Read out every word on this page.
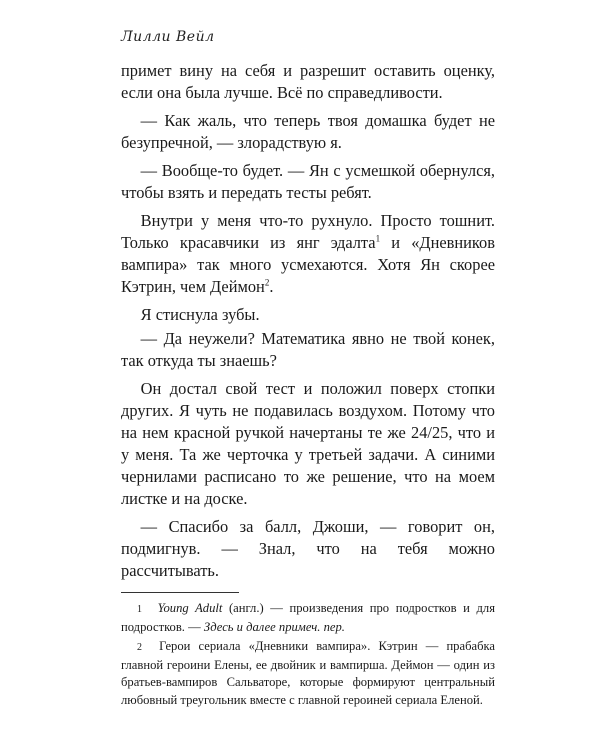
Лилли Вейл

примет вину на себя и разрешит оставить оценку, если она была лучше. Всё по справедливости.

— Как жаль, что теперь твоя домашка будет не безупречной, — злорадствую я.

— Вообще-то будет. — Ян с усмешкой обернулся, чтобы взять и передать тесты ребят.

Внутри у меня что-то рухнуло. Просто тошнит. Только красавчики из янг эдалта$^1$ и «Дневников вампира» так много усмехаются. Хотя Ян скорее Кэтрин, чем Деймон$^2$.

Я стиснула зубы.

— Да неужели? Математика явно не твой конек, так откуда ты знаешь?

Он достал свой тест и положил поверх стопки других. Я чуть не подавилась воздухом. Потому что на нем красной ручкой начертаны те же 24/25, что и у меня. Та же черточка у третьей задачи. А синими чернилами расписано то же решение, что на моем листке и на доске.

— Спасибо за балл, Джоши, — говорит он, подмигнув. — Знал, что на тебя можно рассчитывать.

1 Young Adult (англ.) — произведения про подростков и для подростков. — Здесь и далее примеч. пер.
2 Герои сериала «Дневники вампира». Кэтрин — прабабка главной героини Елены, ее двойник и вампирша. Деймон — один из братьев-вампиров Сальваторе, которые формируют центральный любовный треугольник вместе с главной героиней сериала Еленой.
